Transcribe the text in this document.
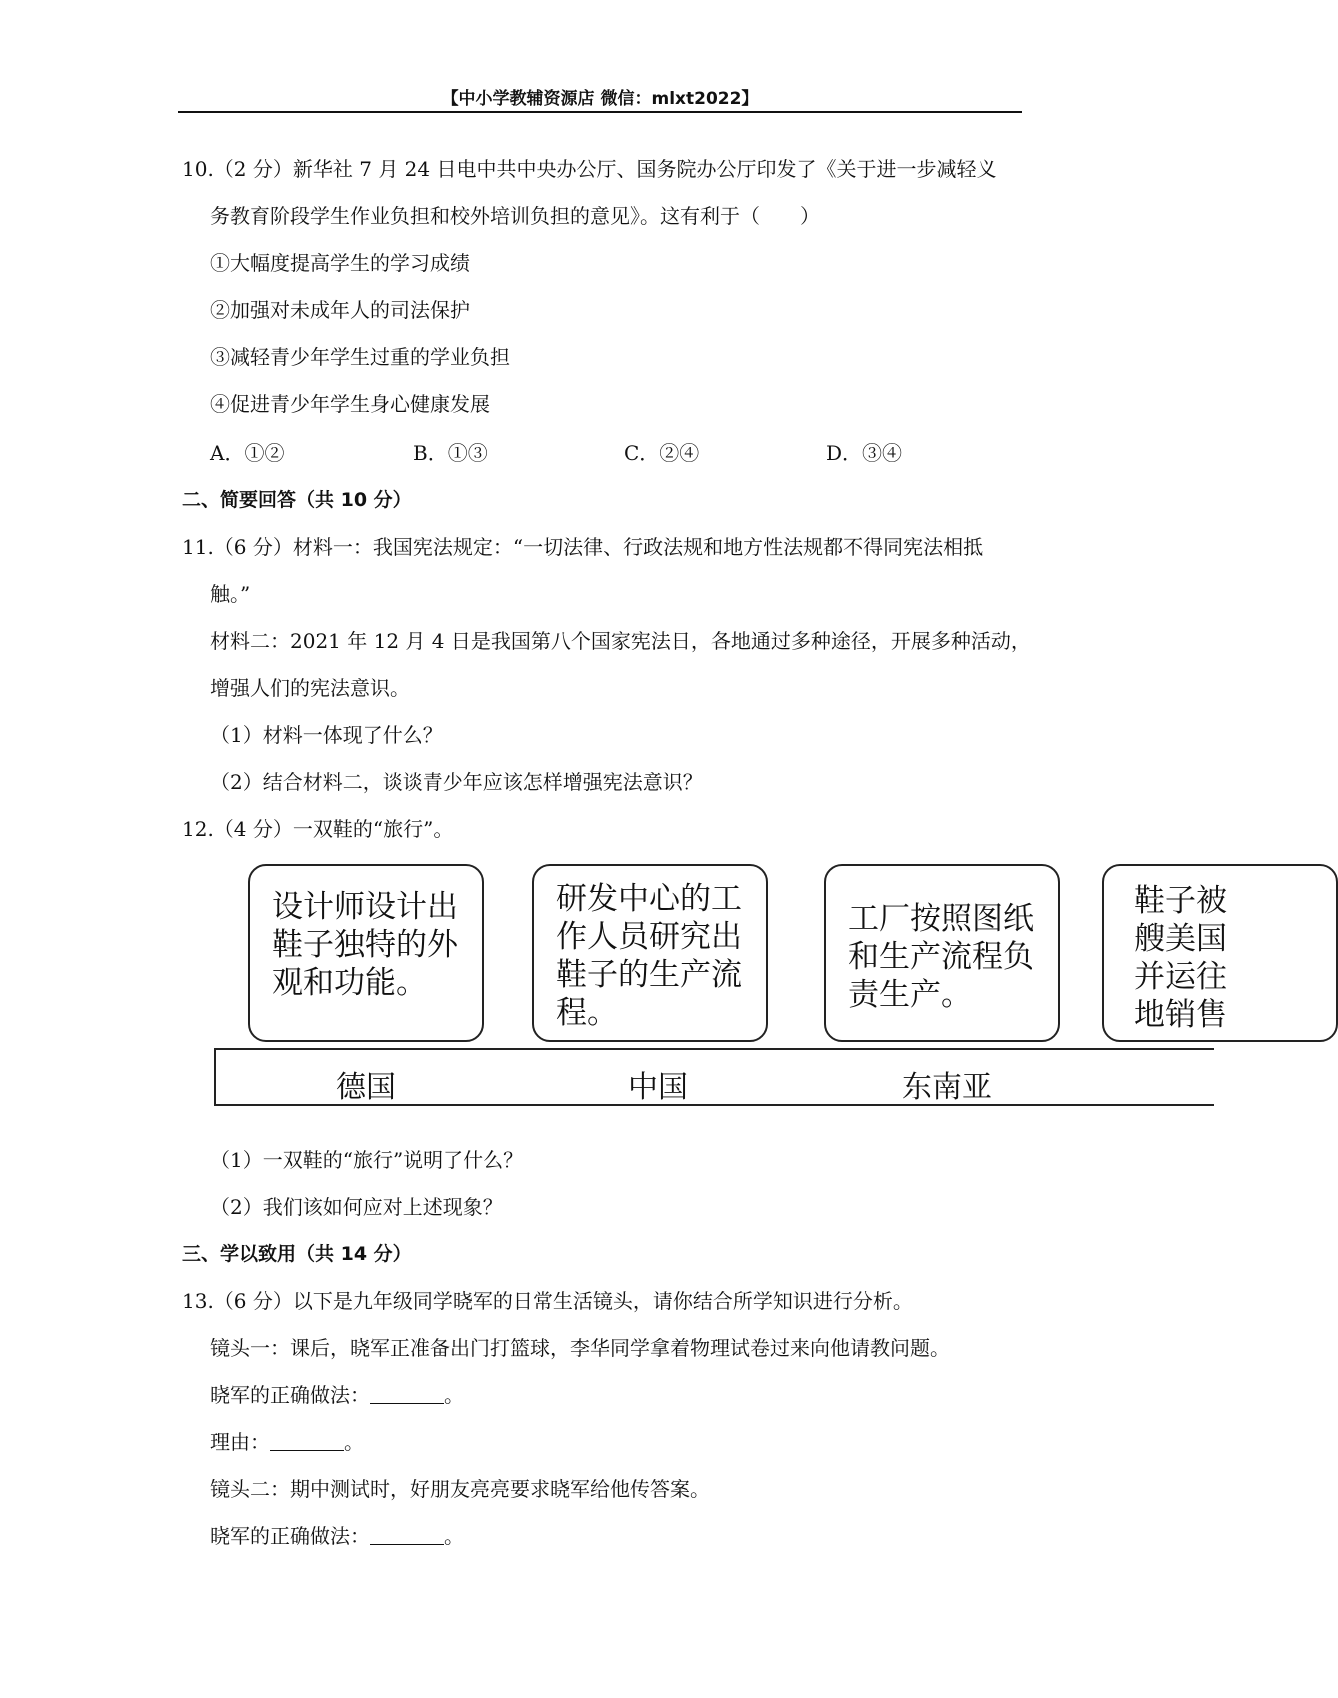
【中小学教辅资源店 微信：mlxt2022】
10.（2 分）新华社 7 月 24 日电中共中央办公厅、国务院办公厅印发了《关于进一步减轻义
务教育阶段学生作业负担和校外培训负担的意见》。这有利于（　　）
①大幅度提高学生的学习成绩
②加强对未成年人的司法保护
③减轻青少年学生过重的学业负担
④促进青少年学生身心健康发展
A．①②	B．①③	C．②④	D．③④
二、简要回答（共 10 分）
11.（6 分）材料一：我国宪法规定：“一切法律、行政法规和地方性法规都不得同宪法相抵
触。”
材料二：2021 年 12 月 4 日是我国第八个国家宪法日，各地通过多种途径，开展多种活动，
增强人们的宪法意识。
（1）材料一体现了什么？
（2）结合材料二，谈谈青少年应该怎样增强宪法意识？
12.（4 分）一双鞋的“旅行”。
设计师设计出
鞋子独特的外
观和功能。
研发中心的工
作人员研究出
鞋子的生产流
程。
工厂按照图纸
和生产流程负
责生产。
鞋子被
艘美国
并运往
地销售
德国	中国	东南亚
（1）一双鞋的“旅行”说明了什么？
（2）我们该如何应对上述现象？
三、学以致用（共 14 分）
13.（6 分）以下是九年级同学晓军的日常生活镜头，请你结合所学知识进行分析。
镜头一：课后，晓军正准备出门打篮球，李华同学拿着物理试卷过来向他请教问题。
晓军的正确做法：	。
理由：	。
镜头二：期中测试时，好朋友亮亮要求晓军给他传答案。
晓军的正确做法：	。
